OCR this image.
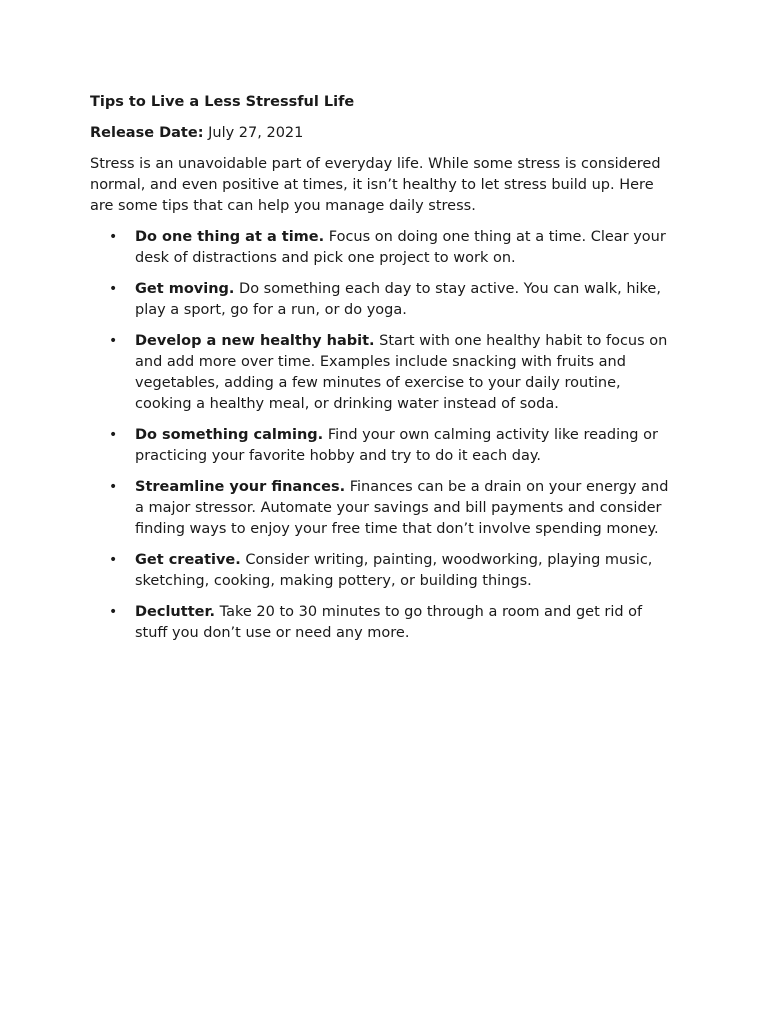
Tips to Live a Less Stressful Life
Release Date: July 27, 2021
Stress is an unavoidable part of everyday life. While some stress is considered normal, and even positive at times, it isn’t healthy to let stress build up. Here are some tips that can help you manage daily stress.
• Do one thing at a time. Focus on doing one thing at a time. Clear your desk of distractions and pick one project to work on.
• Get moving. Do something each day to stay active. You can walk, hike, play a sport, go for a run, or do yoga.
• Develop a new healthy habit. Start with one healthy habit to focus on and add more over time. Examples include snacking with fruits and vegetables, adding a few minutes of exercise to your daily routine, cooking a healthy meal, or drinking water instead of soda.
• Do something calming. Find your own calming activity like reading or practicing your favorite hobby and try to do it each day.
• Streamline your finances. Finances can be a drain on your energy and a major stressor. Automate your savings and bill payments and consider finding ways to enjoy your free time that don’t involve spending money.
• Get creative. Consider writing, painting, woodworking, playing music, sketching, cooking, making pottery, or building things.
• Declutter. Take 20 to 30 minutes to go through a room and get rid of stuff you don’t use or need any more.
